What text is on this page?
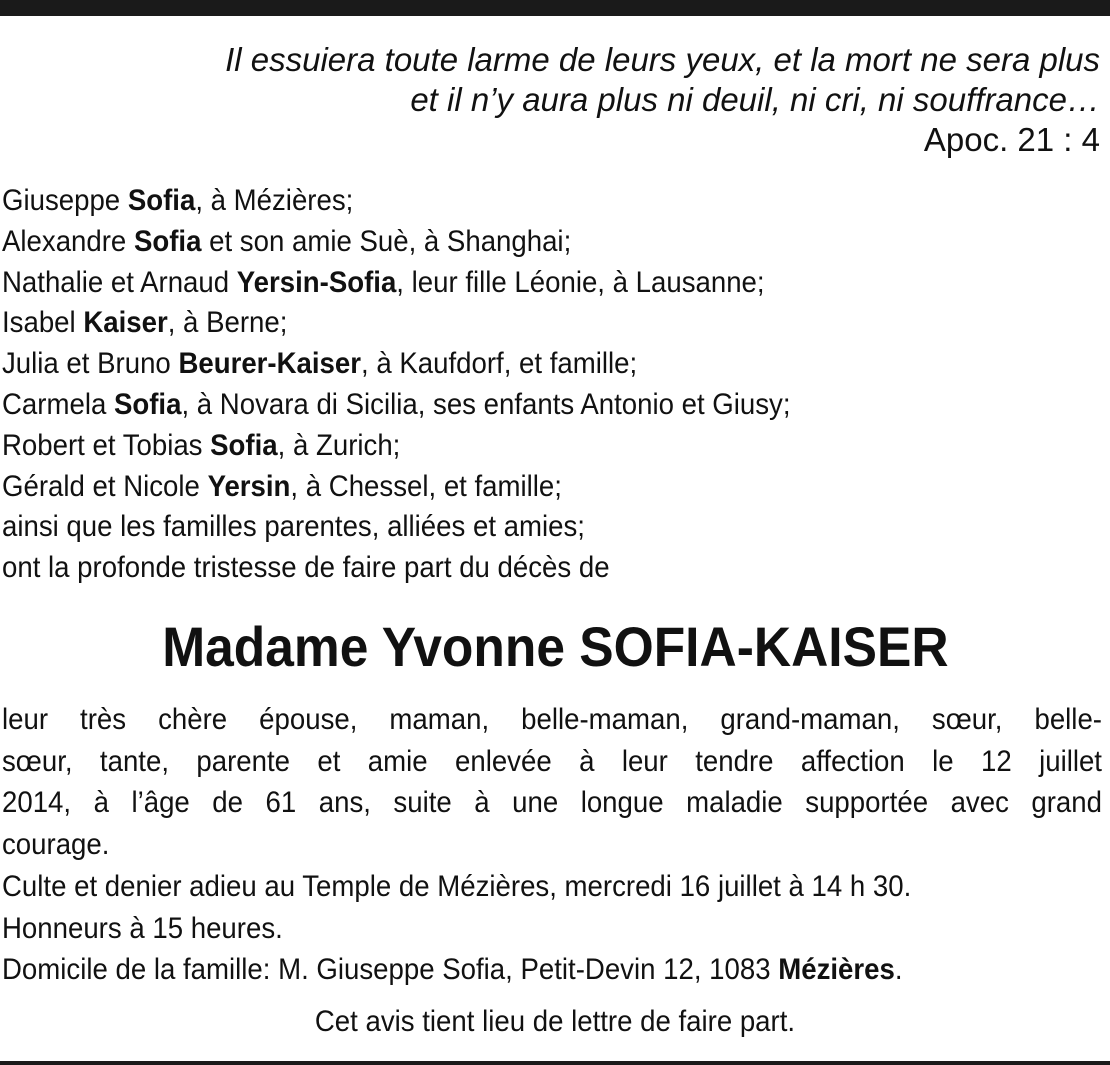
Il essuiera toute larme de leurs yeux, et la mort ne sera plus
et il n’y aura plus ni deuil, ni cri, ni souffrance…
Apoc. 21 : 4
Giuseppe Sofia, à Mézières;
Alexandre Sofia et son amie Suè, à Shanghai;
Nathalie et Arnaud Yersin-Sofia, leur fille Léonie, à Lausanne;
Isabel Kaiser, à Berne;
Julia et Bruno Beurer-Kaiser, à Kaufdorf, et famille;
Carmela Sofia, à Novara di Sicilia, ses enfants Antonio et Giusy;
Robert et Tobias Sofia, à Zurich;
Gérald et Nicole Yersin, à Chessel, et famille;
ainsi que les familles parentes, alliées et amies;
ont la profonde tristesse de faire part du décès de
Madame Yvonne SOFIA-KAISER
leur très chère épouse, maman, belle-maman, grand-maman, sœur, belle-
sœur, tante, parente et amie enlevée à leur tendre affection le 12 juillet
2014, à l’âge de 61 ans, suite à une longue maladie supportée avec grand
courage.
Culte et denier adieu au Temple de Mézières, mercredi 16 juillet à 14 h 30.
Honneurs à 15 heures.
Domicile de la famille: M. Giuseppe Sofia, Petit-Devin 12, 1083 Mézières.
Cet avis tient lieu de lettre de faire part.
